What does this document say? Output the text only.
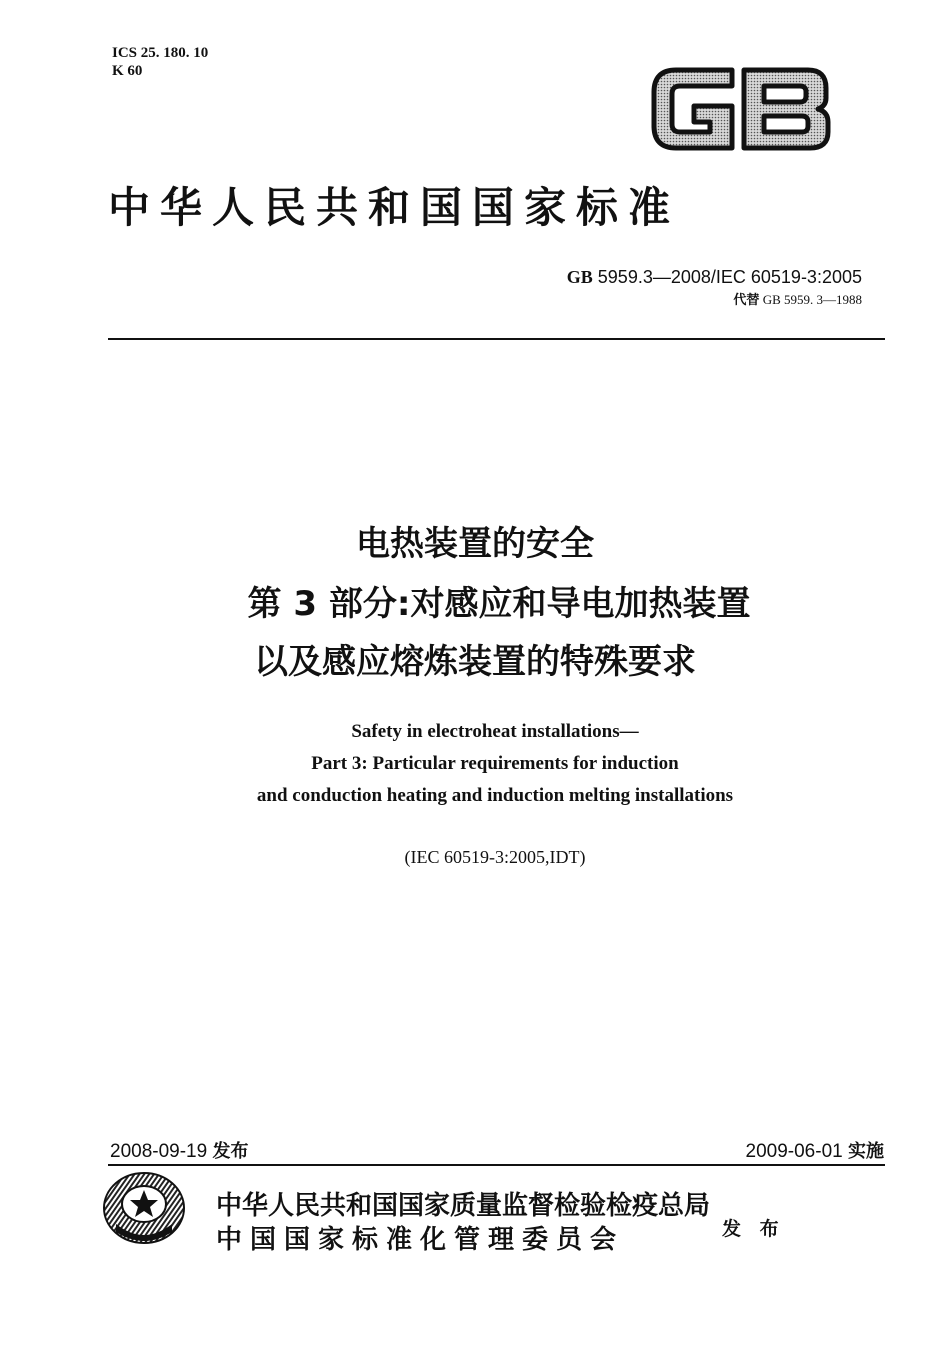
ICS 25. 180. 10
K 60
中华人民共和国国家标准
GB 5959.3—2008/IEC 60519-3:2005
代替 GB 5959. 3—1988
电热装置的安全
第 3 部分:对感应和导电加热装置
以及感应熔炼装置的特殊要求
Safety in electroheat installations—
Part 3: Particular requirements for induction
and conduction heating and induction melting installations
(IEC 60519-3:2005,IDT)
2008-09-19 发布	2009-06-01 实施
中华人民共和国国家质量监督检验检疫总局
中国国家标准化管理委员会	发 布
